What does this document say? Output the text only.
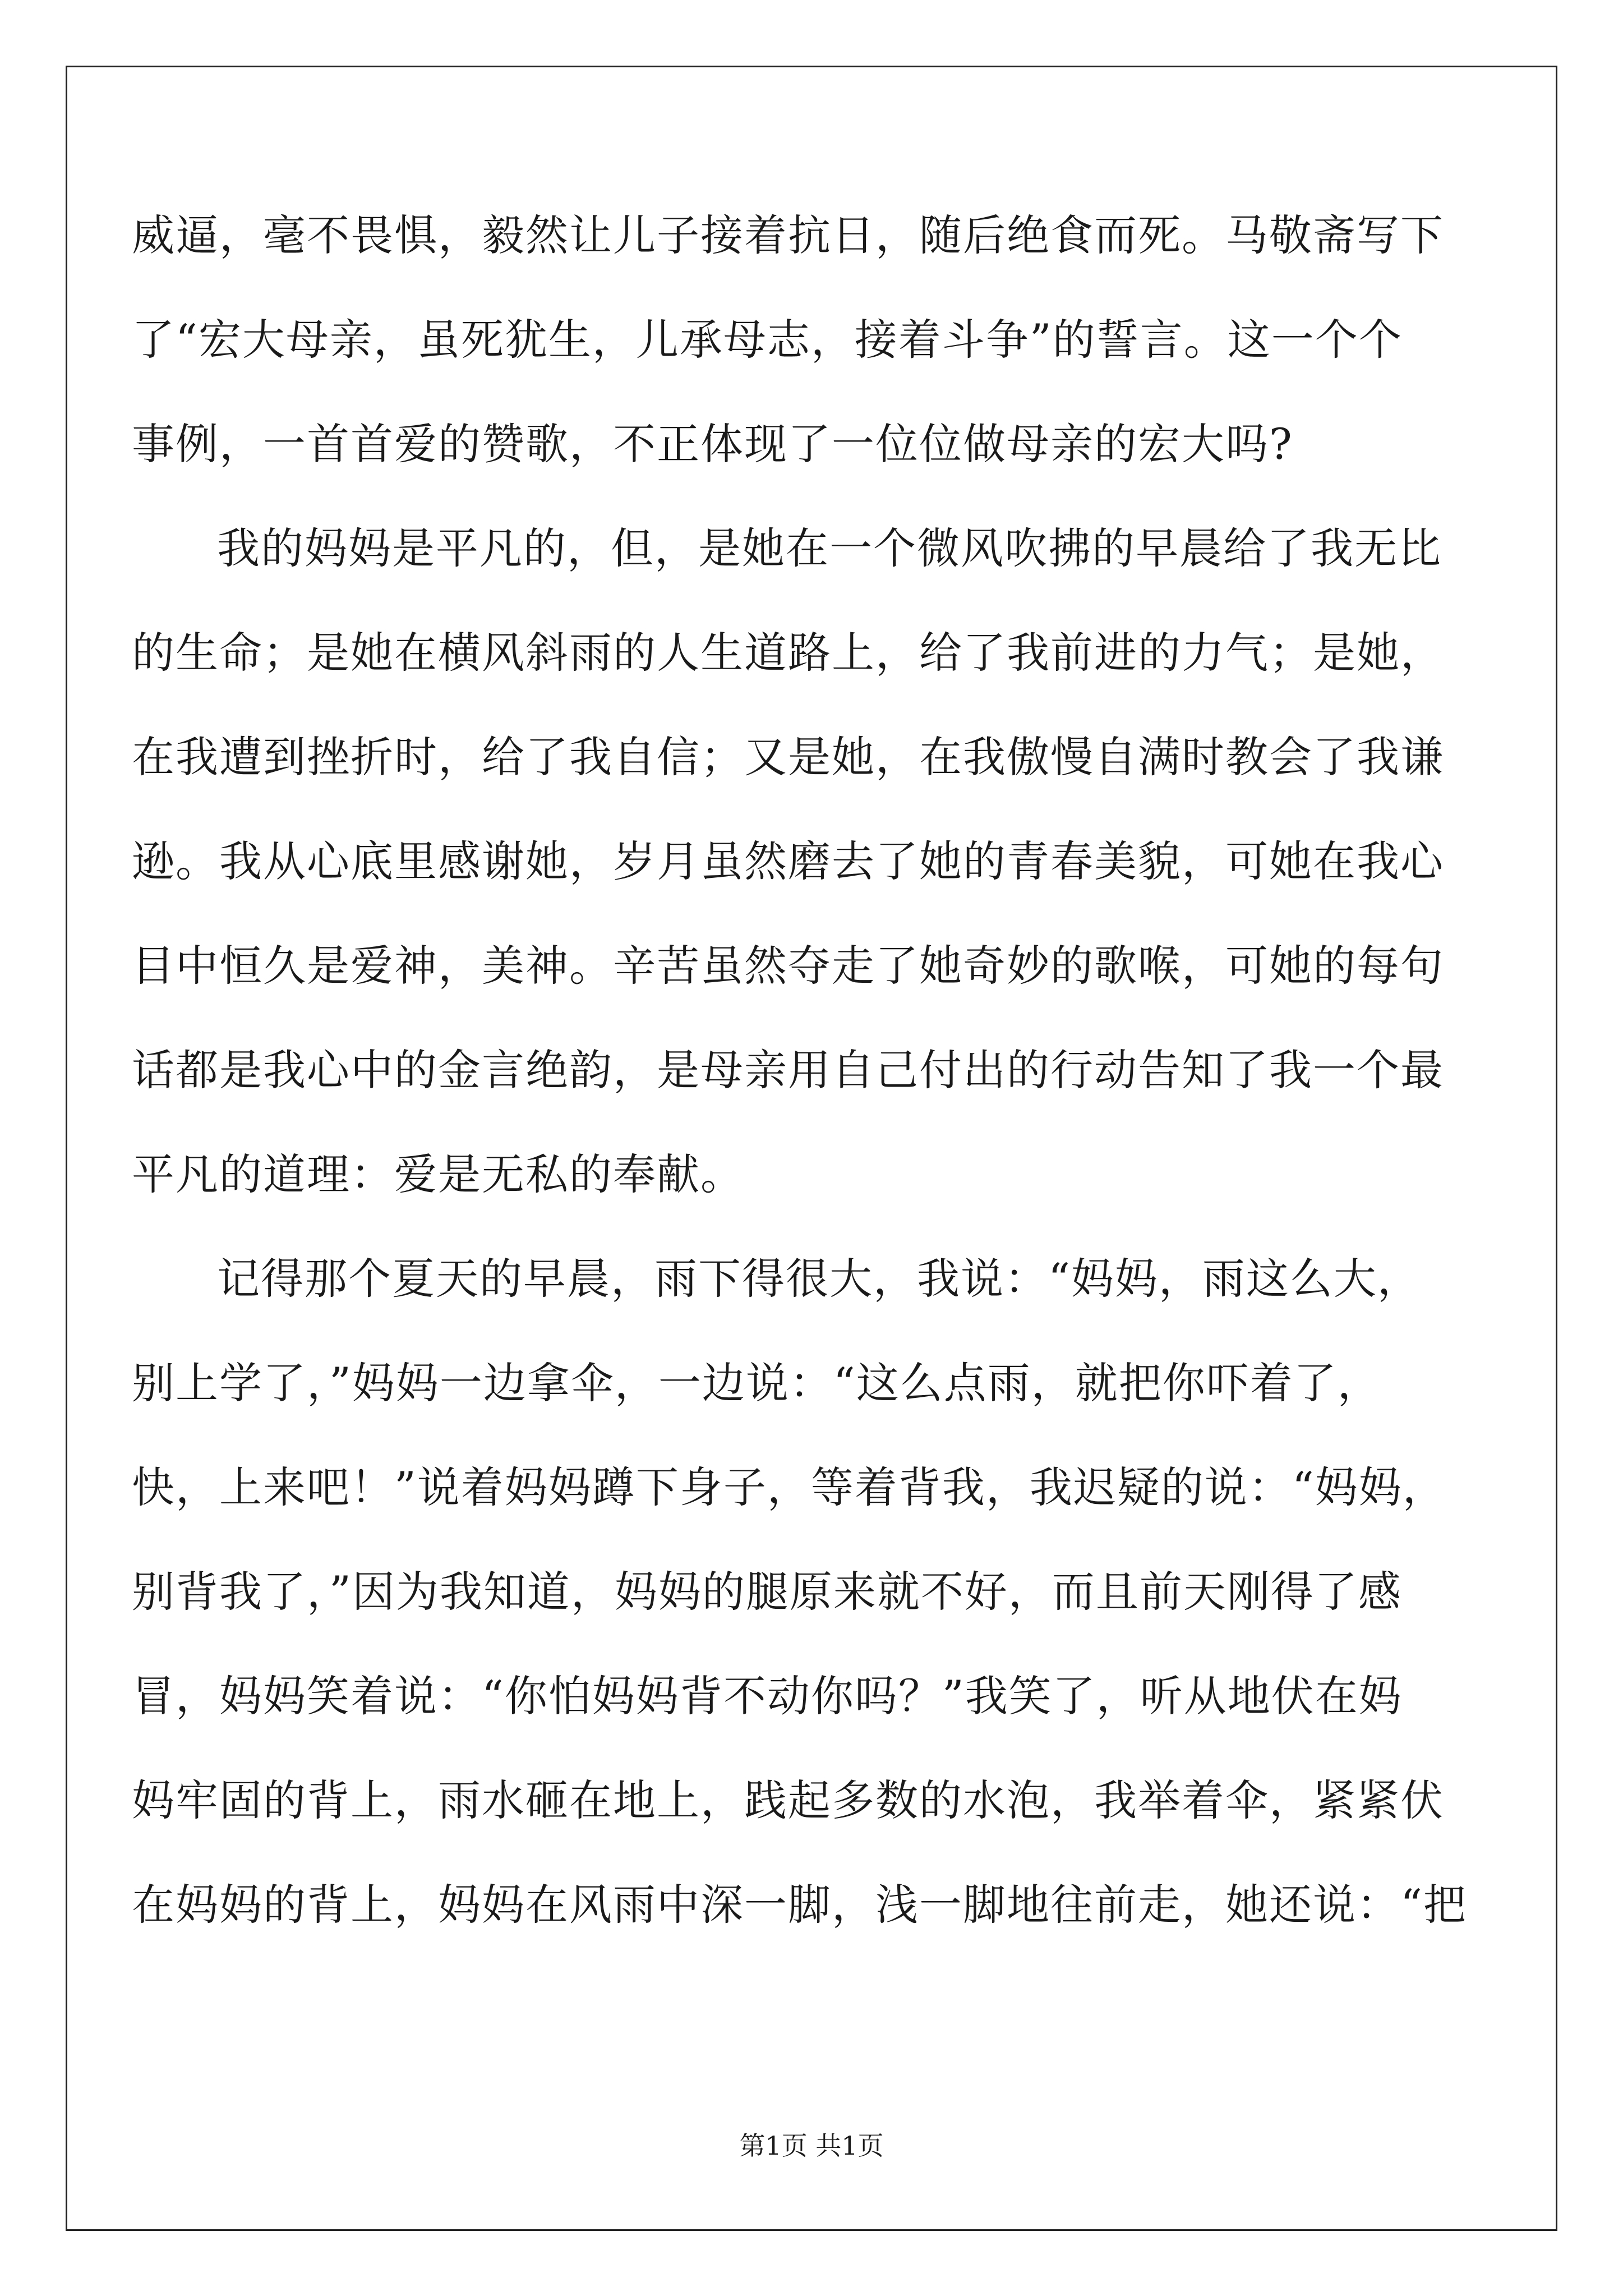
威逼，毫不畏惧，毅然让儿子接着抗日，随后绝食而死。马敬斋写下
了“宏大母亲，虽死犹生，儿承母志，接着斗争”的誓言。这一个个
事例，一首首爱的赞歌，不正体现了一位位做母亲的宏大吗?
我的妈妈是平凡的，但，是她在一个微风吹拂的早晨给了我无比
的生命；是她在横风斜雨的人生道路上，给了我前进的力气；是她，
在我遭到挫折时，给了我自信；又是她，在我傲慢自满时教会了我谦
逊。我从心底里感谢她，岁月虽然磨去了她的青春美貌，可她在我心
目中恒久是爱神，美神。辛苦虽然夺走了她奇妙的歌喉，可她的每句
话都是我心中的金言绝韵，是母亲用自己付出的行动告知了我一个最
平凡的道理：爱是无私的奉献。
记得那个夏天的早晨，雨下得很大，我说：“妈妈，雨这么大，
别上学了，”妈妈一边拿伞，一边说：“这么点雨，就把你吓着了，
快，上来吧！”说着妈妈蹲下身子，等着背我，我迟疑的说：“妈妈，
别背我了，”因为我知道，妈妈的腿原来就不好，而且前天刚得了感
冒，妈妈笑着说：“你怕妈妈背不动你吗？”我笑了，听从地伏在妈
妈牢固的背上，雨水砸在地上，践起多数的水泡，我举着伞，紧紧伏
在妈妈的背上，妈妈在风雨中深一脚，浅一脚地往前走，她还说：“把
第1页 共1页
